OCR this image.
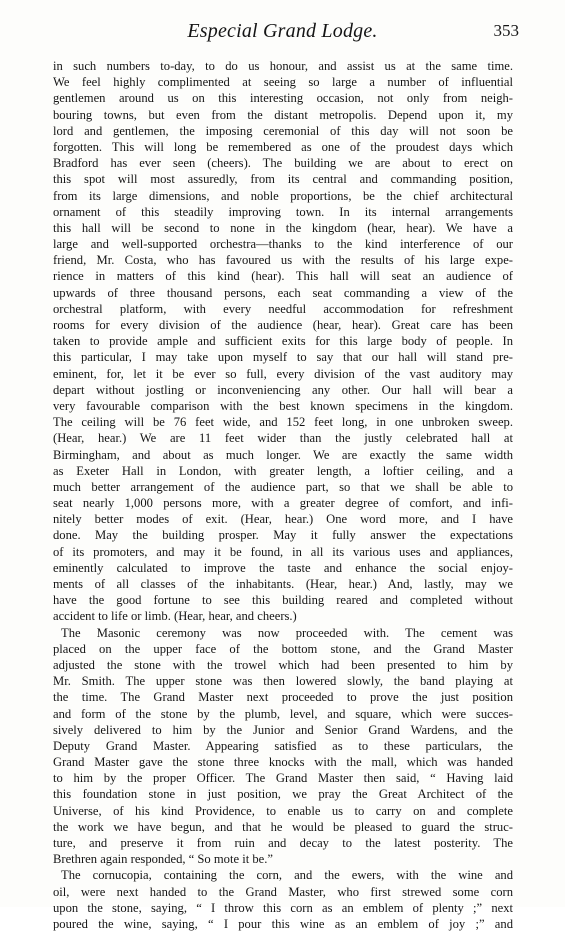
Especial Grand Lodge.	353
in such numbers to-day, to do us honour, and assist us at the same time.
We feel highly complimented at seeing so large a number of influential
gentlemen around us on this interesting occasion, not only from neigh-
bouring towns, but even from the distant metropolis. Depend upon it, my
lord and gentlemen, the imposing ceremonial of this day will not soon be
forgotten. This will long be remembered as one of the proudest days which
Bradford has ever seen (cheers). The building we are about to erect on
this spot will most assuredly, from its central and commanding position,
from its large dimensions, and noble proportions, be the chief architectural
ornament of this steadily improving town. In its internal arrangements
this hall will be second to none in the kingdom (hear, hear). We have a
large and well-supported orchestra—thanks to the kind interference of our
friend, Mr. Costa, who has favoured us with the results of his large expe-
rience in matters of this kind (hear). This hall will seat an audience of
upwards of three thousand persons, each seat commanding a view of the
orchestral platform, with every needful accommodation for refreshment
rooms for every division of the audience (hear, hear). Great care has been
taken to provide ample and sufficient exits for this large body of people. In
this particular, I may take upon myself to say that our hall will stand pre-
eminent, for, let it be ever so full, every division of the vast auditory may
depart without jostling or inconveniencing any other. Our hall will bear a
very favourable comparison with the best known specimens in the kingdom.
The ceiling will be 76 feet wide, and 152 feet long, in one unbroken sweep.
(Hear, hear.) We are 11 feet wider than the justly celebrated hall at
Birmingham, and about as much longer. We are exactly the same width
as Exeter Hall in London, with greater length, a loftier ceiling, and a
much better arrangement of the audience part, so that we shall be able to
seat nearly 1,000 persons more, with a greater degree of comfort, and infi-
nitely better modes of exit. (Hear, hear.) One word more, and I have
done. May the building prosper. May it fully answer the expectations
of its promoters, and may it be found, in all its various uses and appliances,
eminently calculated to improve the taste and enhance the social enjoy-
ments of all classes of the inhabitants. (Hear, hear.) And, lastly, may we
have the good fortune to see this building reared and completed without
accident to life or limb. (Hear, hear, and cheers.)
The Masonic ceremony was now proceeded with. The cement was
placed on the upper face of the bottom stone, and the Grand Master
adjusted the stone with the trowel which had been presented to him by
Mr. Smith. The upper stone was then lowered slowly, the band playing at
the time. The Grand Master next proceeded to prove the just position
and form of the stone by the plumb, level, and square, which were succes-
sively delivered to him by the Junior and Senior Grand Wardens, and the
Deputy Grand Master. Appearing satisfied as to these particulars, the
Grand Master gave the stone three knocks with the mall, which was handed
to him by the proper Officer. The Grand Master then said, “ Having laid
this foundation stone in just position, we pray the Great Architect of the
Universe, of his kind Providence, to enable us to carry on and complete
the work we have begun, and that he would be pleased to guard the struc-
ture, and preserve it from ruin and decay to the latest posterity. The
Brethren again responded, “ So mote it be.”
The cornucopia, containing the corn, and the ewers, with the wine and
oil, were next handed to the Grand Master, who first strewed some corn
upon the stone, saying, “ I throw this corn as an emblem of plenty ;” next
poured the wine, saying, “ I pour this wine as an emblem of joy ;” and
